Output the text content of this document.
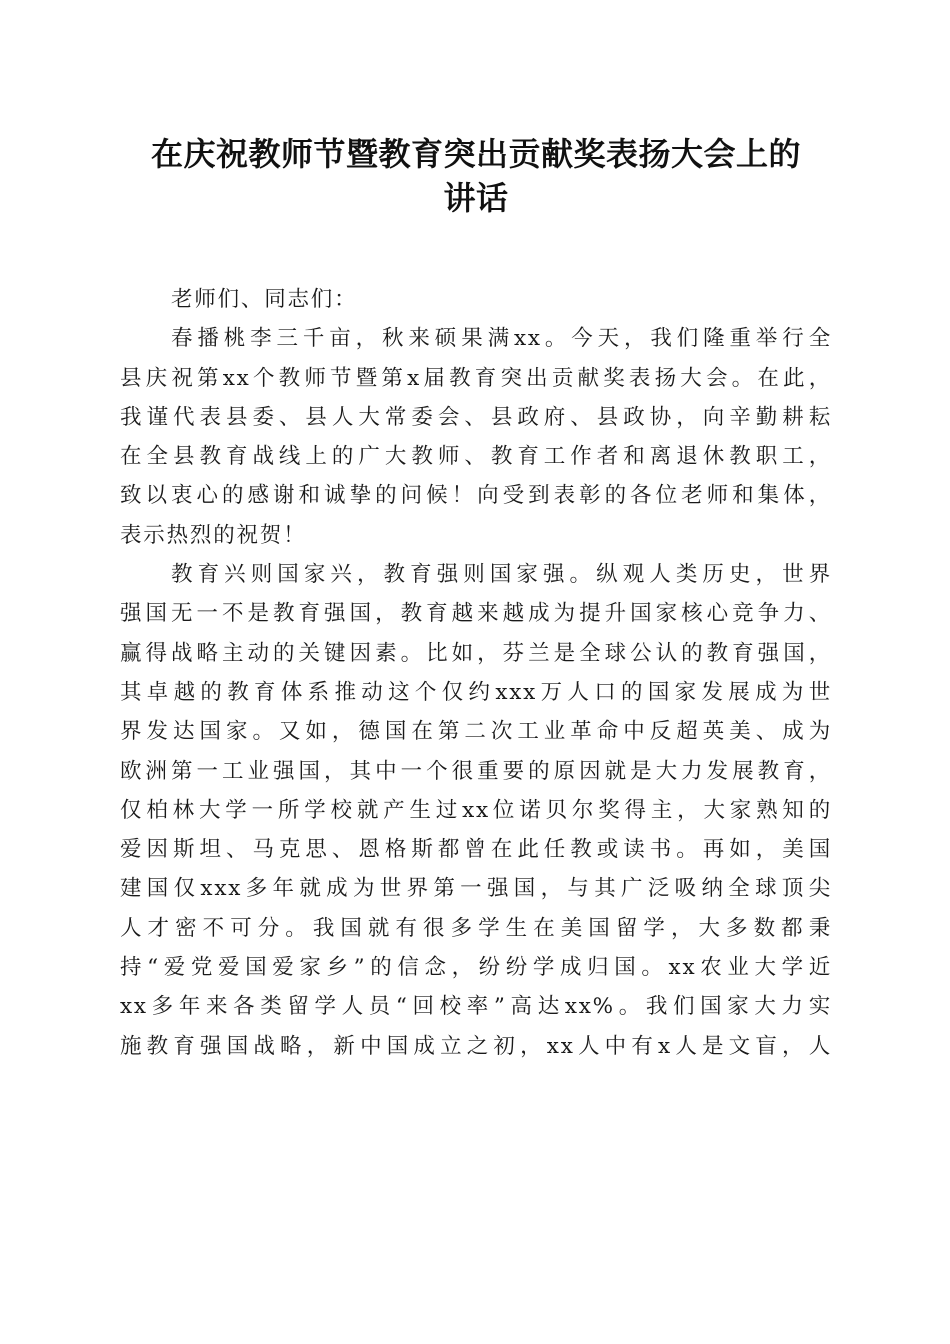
在庆祝教师节暨教育突出贡献奖表扬大会上的
讲话

老师们、同志们：

春播桃李三千亩，秋来硕果满xx。今天，我们隆重举行全
县庆祝第xx个教师节暨第x届教育突出贡献奖表扬大会。在此，
我谨代表县委、县人大常委会、县政府、县政协，向辛勤耕耘
在全县教育战线上的广大教师、教育工作者和离退休教职工，
致以衷心的感谢和诚挚的问候！向受到表彰的各位老师和集体，
表示热烈的祝贺！

教育兴则国家兴，教育强则国家强。纵观人类历史，世界
强国无一不是教育强国，教育越来越成为提升国家核心竞争力、
赢得战略主动的关键因素。比如，芬兰是全球公认的教育强国，
其卓越的教育体系推动这个仅约xxx万人口的国家发展成为世
界发达国家。又如，德国在第二次工业革命中反超英美、成为
欧洲第一工业强国，其中一个很重要的原因就是大力发展教育，
仅柏林大学一所学校就产生过xx位诺贝尔奖得主，大家熟知的
爱因斯坦、马克思、恩格斯都曾在此任教或读书。再如，美国
建国仅xxx多年就成为世界第一强国，与其广泛吸纳全球顶尖
人才密不可分。我国就有很多学生在美国留学，大多数都秉
持“爱党爱国爱家乡”的信念，纷纷学成归国。xx农业大学近
xx多年来各类留学人员“回校率”高达xx%。我们国家大力实
施教育强国战略，新中国成立之初，xx人中有x人是文盲，人
